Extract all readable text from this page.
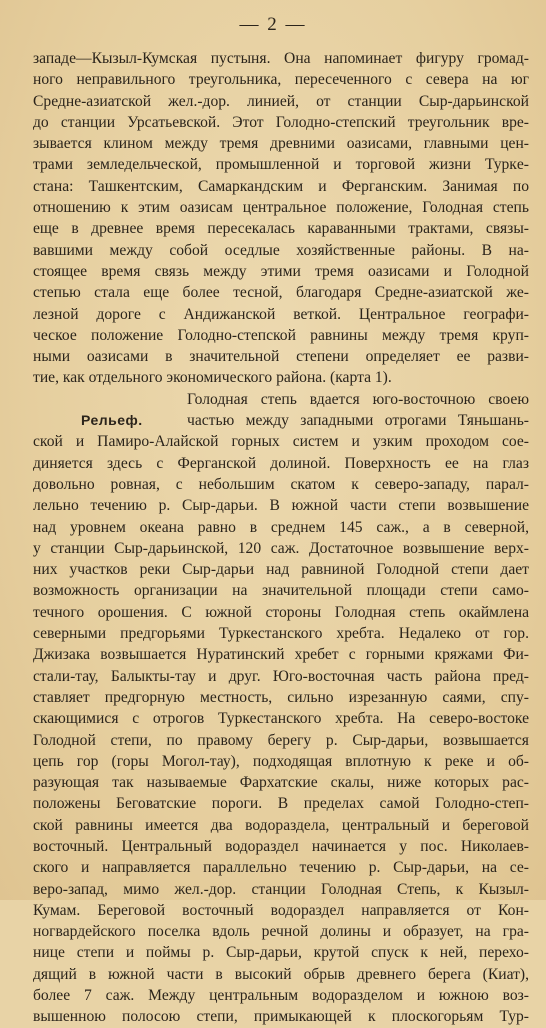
— 2 —
западе—Кызыл-Кумская пустыня. Она напоминает фигуру громад-
ного неправильного треугольника, пересеченного с севера на юг
Средне-азиатской жел.-дор. линией, от станции Сыр-дарьинской
до станции Урсатьевской. Этот Голодно-степский треугольник вре-
зывается клином между тремя древними оазисами, главными цен-
трами земледельческой, промышленной и торговой жизни Туркe-
стана: Ташкентским, Самаркандским и Ферганским. Занимая по
отношению к этим оазисам центральное положение, Голодная степь
еще в древнее время пересекалась караванными трактами, связы-
вавшими между собой оседлые хозяйственные районы. В на-
стоящее время связь между этими тремя оазисами и Голодной
степью стала еще более тесной, благодаря Средне-азиатской же-
лезной дороге с Андижанской веткой. Центральное географи-
ческое положение Голодно-степской равнины между тремя круп-
ными оазисами в значительной степени определяет ее разви-
тие, как отдельного экономического района. (карта 1).
Голодная степь вдается юго-восточною своею
Рельеф.	частью между западными отрогами Тяньшань-
ской и Памиро-Алайской горных систем и узким проходом сое-
диняется здесь с Ферганской долиной. Поверхность ее на глаз
довольно ровная, с небольшим скатом к северо-западу, парал-
лельно течению р. Сыр-дарьи. В южной части степи возвышение
над уровнем океана равно в среднем 145 саж., а в северной,
у станции Сыр-дарьинской, 120 саж. Достаточное возвышение верх-
них участков реки Сыр-дарьи над равниной Голодной степи дает
возможность организации на значительной площади степи само-
течного орошения. С южной стороны Голодная степь окаймлена
северными предгорьями Туркестанского хребта. Недалеко от гор.
Джизака возвышается Нуратинский хребет с горными кряжами Фи-
стали-тау, Балыкты-тау и друг. Юго-восточная часть района пред-
ставляет предгорную местность, сильно изрезанную саями, спу-
скающимися с отрогов Туркестанского хребта. На северо-востоке
Голодной степи, по правому берегу р. Сыр-дарьи, возвышается
цепь гор (горы Могол-тау), подходящая вплотную к реке и об-
разующая так называемые Фархатские скалы, ниже которых рас-
положены Беговатские пороги. В пределах самой Голодно-степ-
ской равнины имеется два водораздела, центральный и береговой
восточный. Центральный водораздел начинается у пос. Николаев-
ского и направляется параллельно течению р. Сыр-дарьи, на се-
веро-запад, мимо жел.-дор. станции Голодная Степь, к Кызыл-
Кумам. Береговой восточный водораздел направляется от Кон-
ногвардейского поселка вдоль речной долины и образует, на гра-
нице степи и поймы р. Сыр-дарьи, крутой спуск к ней, перехо-
дящий в южной части в высокий обрыв древнего берега (Киат),
более 7 саж. Между центральным водоразделом и южною воз-
вышенною полосою степи, примыкающей к плоскогорьям Тур-
